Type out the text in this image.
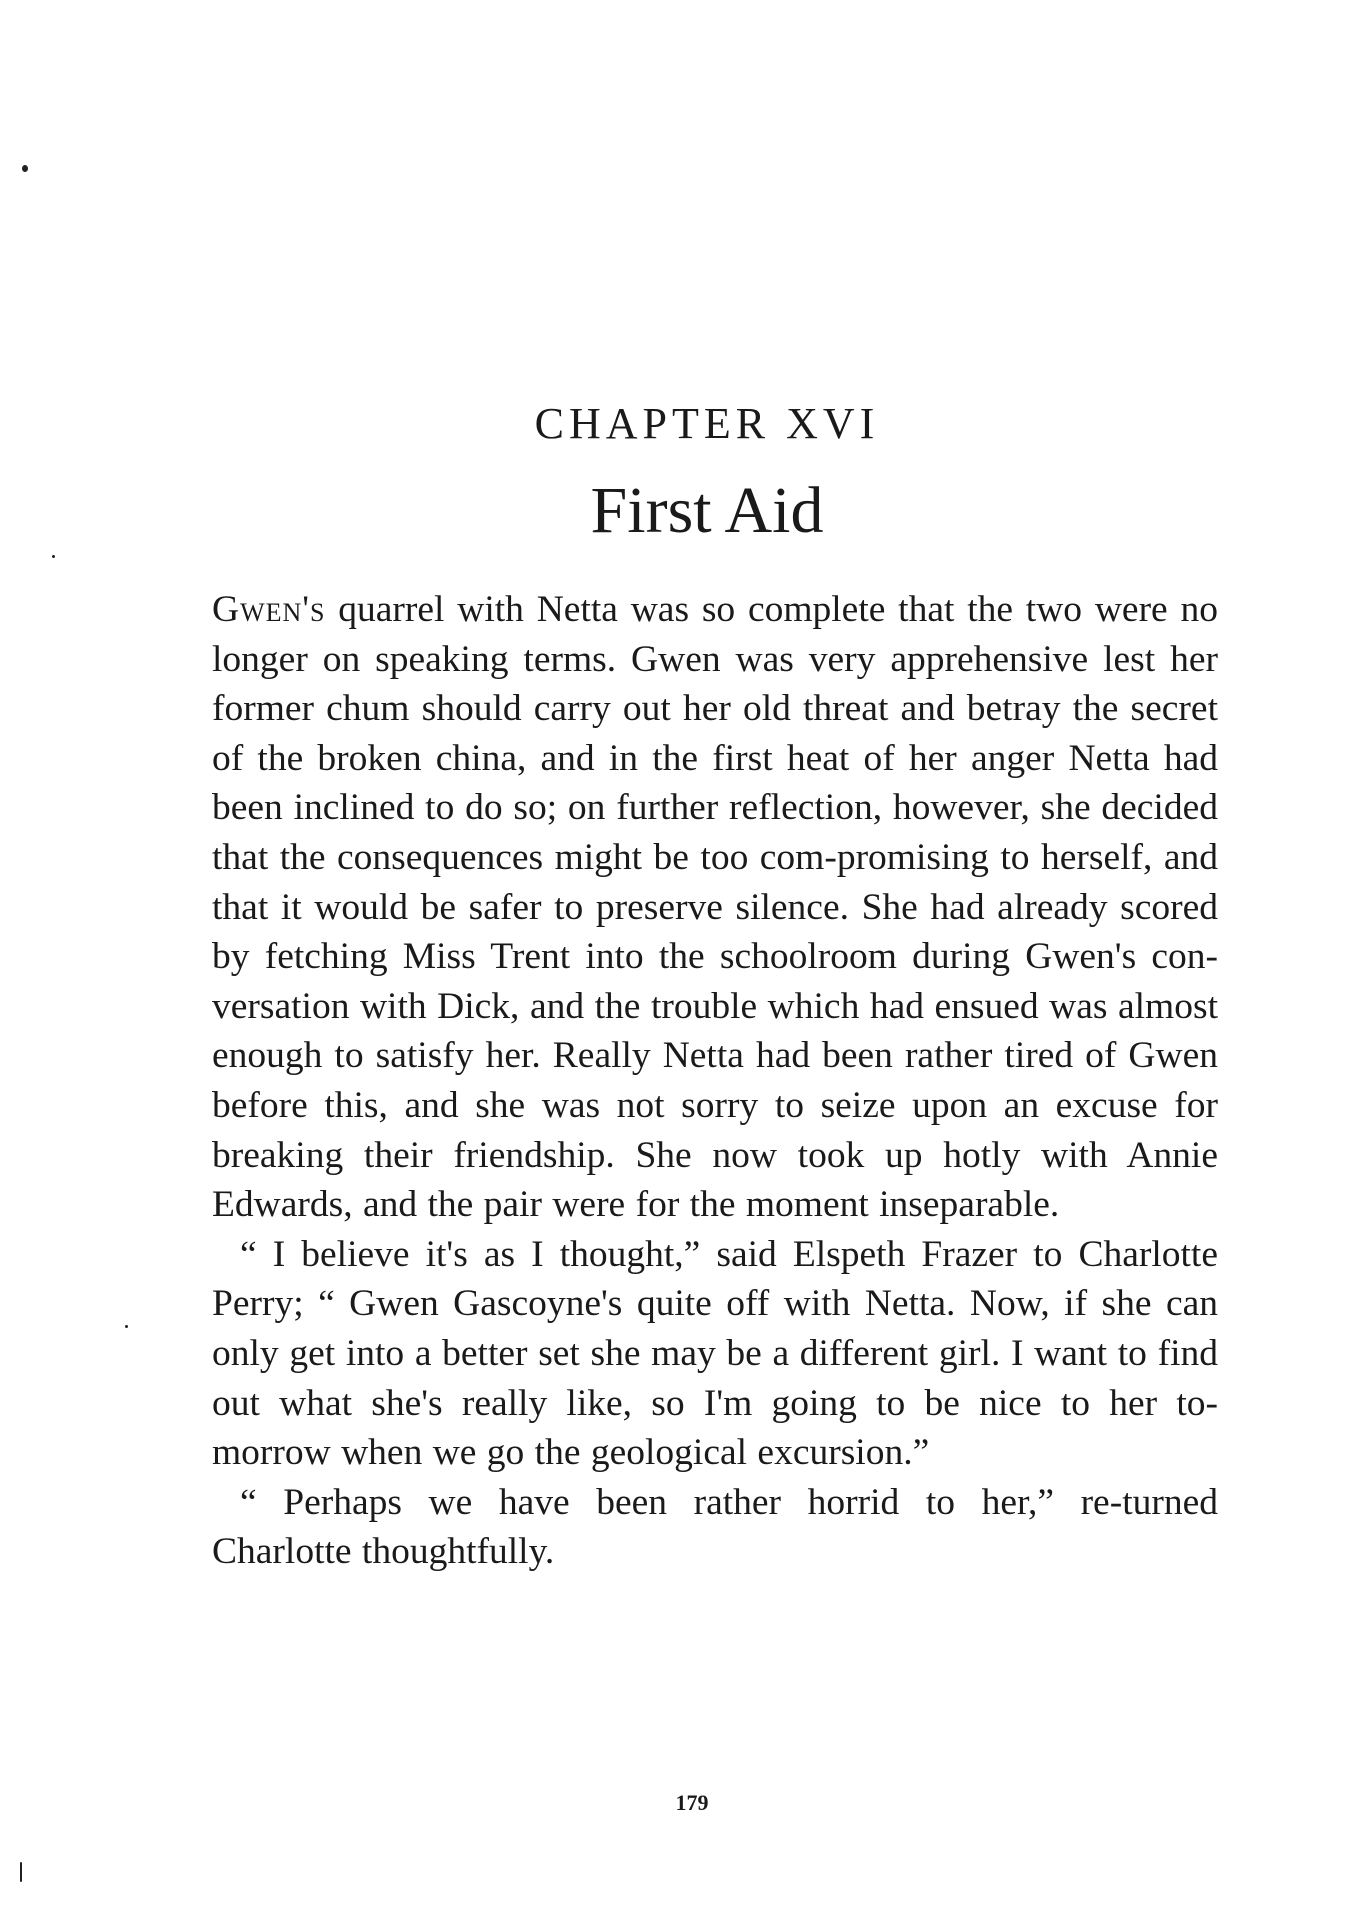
CHAPTER XVI
First Aid

Gwen's quarrel with Netta was so complete that the two were no longer on speaking terms. Gwen was very apprehensive lest her former chum should carry out her old threat and betray the secret of the broken china, and in the first heat of her anger Netta had been inclined to do so; on further reflection, however, she decided that the consequences might be too com-promising to herself, and that it would be safer to preserve silence. She had already scored by fetching Miss Trent into the schoolroom during Gwen's con-versation with Dick, and the trouble which had ensued was almost enough to satisfy her. Really Netta had been rather tired of Gwen before this, and she was not sorry to seize upon an excuse for breaking their friendship. She now took up hotly with Annie Edwards, and the pair were for the moment inseparable.

“ I believe it's as I thought,” said Elspeth Frazer to Charlotte Perry; “ Gwen Gascoyne's quite off with Netta. Now, if she can only get into a better set she may be a different girl. I want to find out what she's really like, so I'm going to be nice to her to-morrow when we go the geological excursion.”

“ Perhaps we have been rather horrid to her,” re-turned Charlotte thoughtfully.

179
